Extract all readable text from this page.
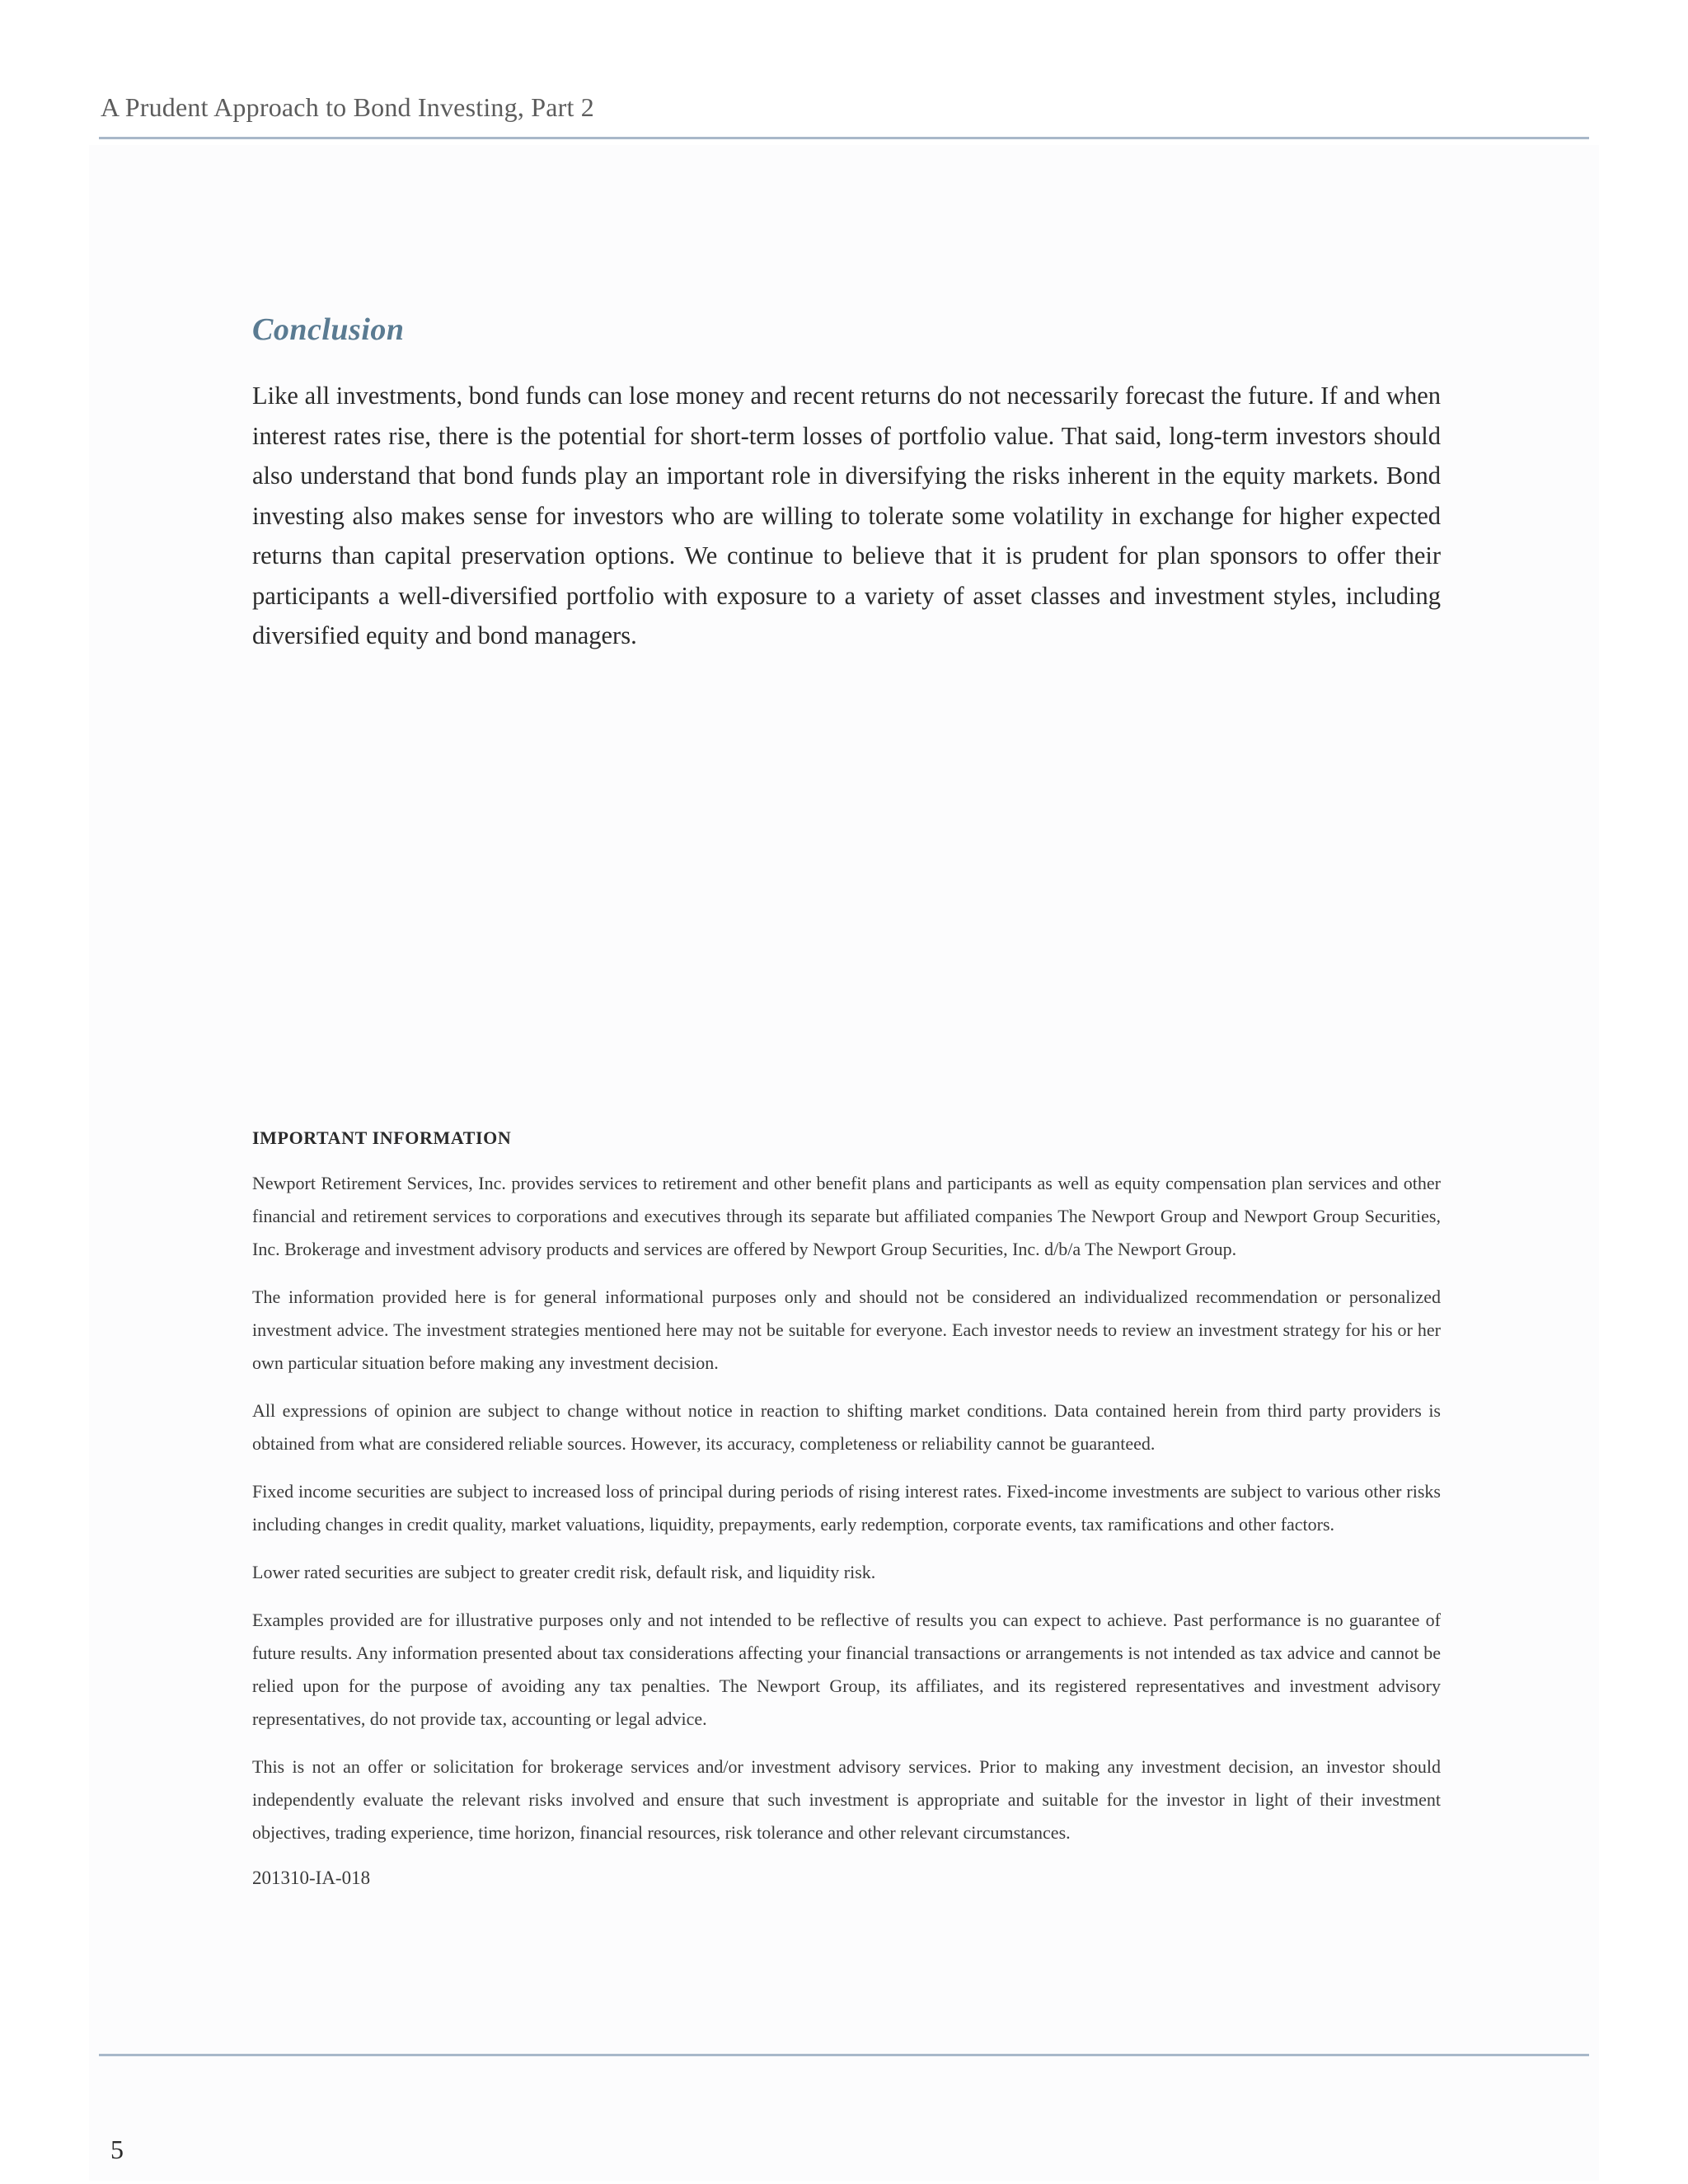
A Prudent Approach to Bond Investing, Part 2
Conclusion

Like all investments, bond funds can lose money and recent returns do not necessarily forecast the future. If and when interest rates rise, there is the potential for short-term losses of portfolio value. That said, long-term investors should also understand that bond funds play an important role in diversifying the risks inherent in the equity markets. Bond investing also makes sense for investors who are willing to tolerate some volatility in exchange for higher expected returns than capital preservation options. We continue to believe that it is prudent for plan sponsors to offer their participants a well-diversified portfolio with exposure to a variety of asset classes and investment styles, including diversified equity and bond managers.

IMPORTANT INFORMATION

Newport Retirement Services, Inc. provides services to retirement and other benefit plans and participants as well as equity compensation plan services and other financial and retirement services to corporations and executives through its separate but affiliated companies The Newport Group and Newport Group Securities, Inc. Brokerage and investment advisory products and services are offered by Newport Group Securities, Inc. d/b/a The Newport Group.

The information provided here is for general informational purposes only and should not be considered an individualized recommendation or personalized investment advice. The investment strategies mentioned here may not be suitable for everyone. Each investor needs to review an investment strategy for his or her own particular situation before making any investment decision.

All expressions of opinion are subject to change without notice in reaction to shifting market conditions. Data contained herein from third party providers is obtained from what are considered reliable sources. However, its accuracy, completeness or reliability cannot be guaranteed.

Fixed income securities are subject to increased loss of principal during periods of rising interest rates. Fixed-income investments are subject to various other risks including changes in credit quality, market valuations, liquidity, prepayments, early redemption, corporate events, tax ramifications and other factors.

Lower rated securities are subject to greater credit risk, default risk, and liquidity risk.

Examples provided are for illustrative purposes only and not intended to be reflective of results you can expect to achieve. Past performance is no guarantee of future results. Any information presented about tax considerations affecting your financial transactions or arrangements is not intended as tax advice and cannot be relied upon for the purpose of avoiding any tax penalties. The Newport Group, its affiliates, and its registered representatives and investment advisory representatives, do not provide tax, accounting or legal advice.

This is not an offer or solicitation for brokerage services and/or investment advisory services. Prior to making any investment decision, an investor should independently evaluate the relevant risks involved and ensure that such investment is appropriate and suitable for the investor in light of their investment objectives, trading experience, time horizon, financial resources, risk tolerance and other relevant circumstances.

201310-IA-018
5
